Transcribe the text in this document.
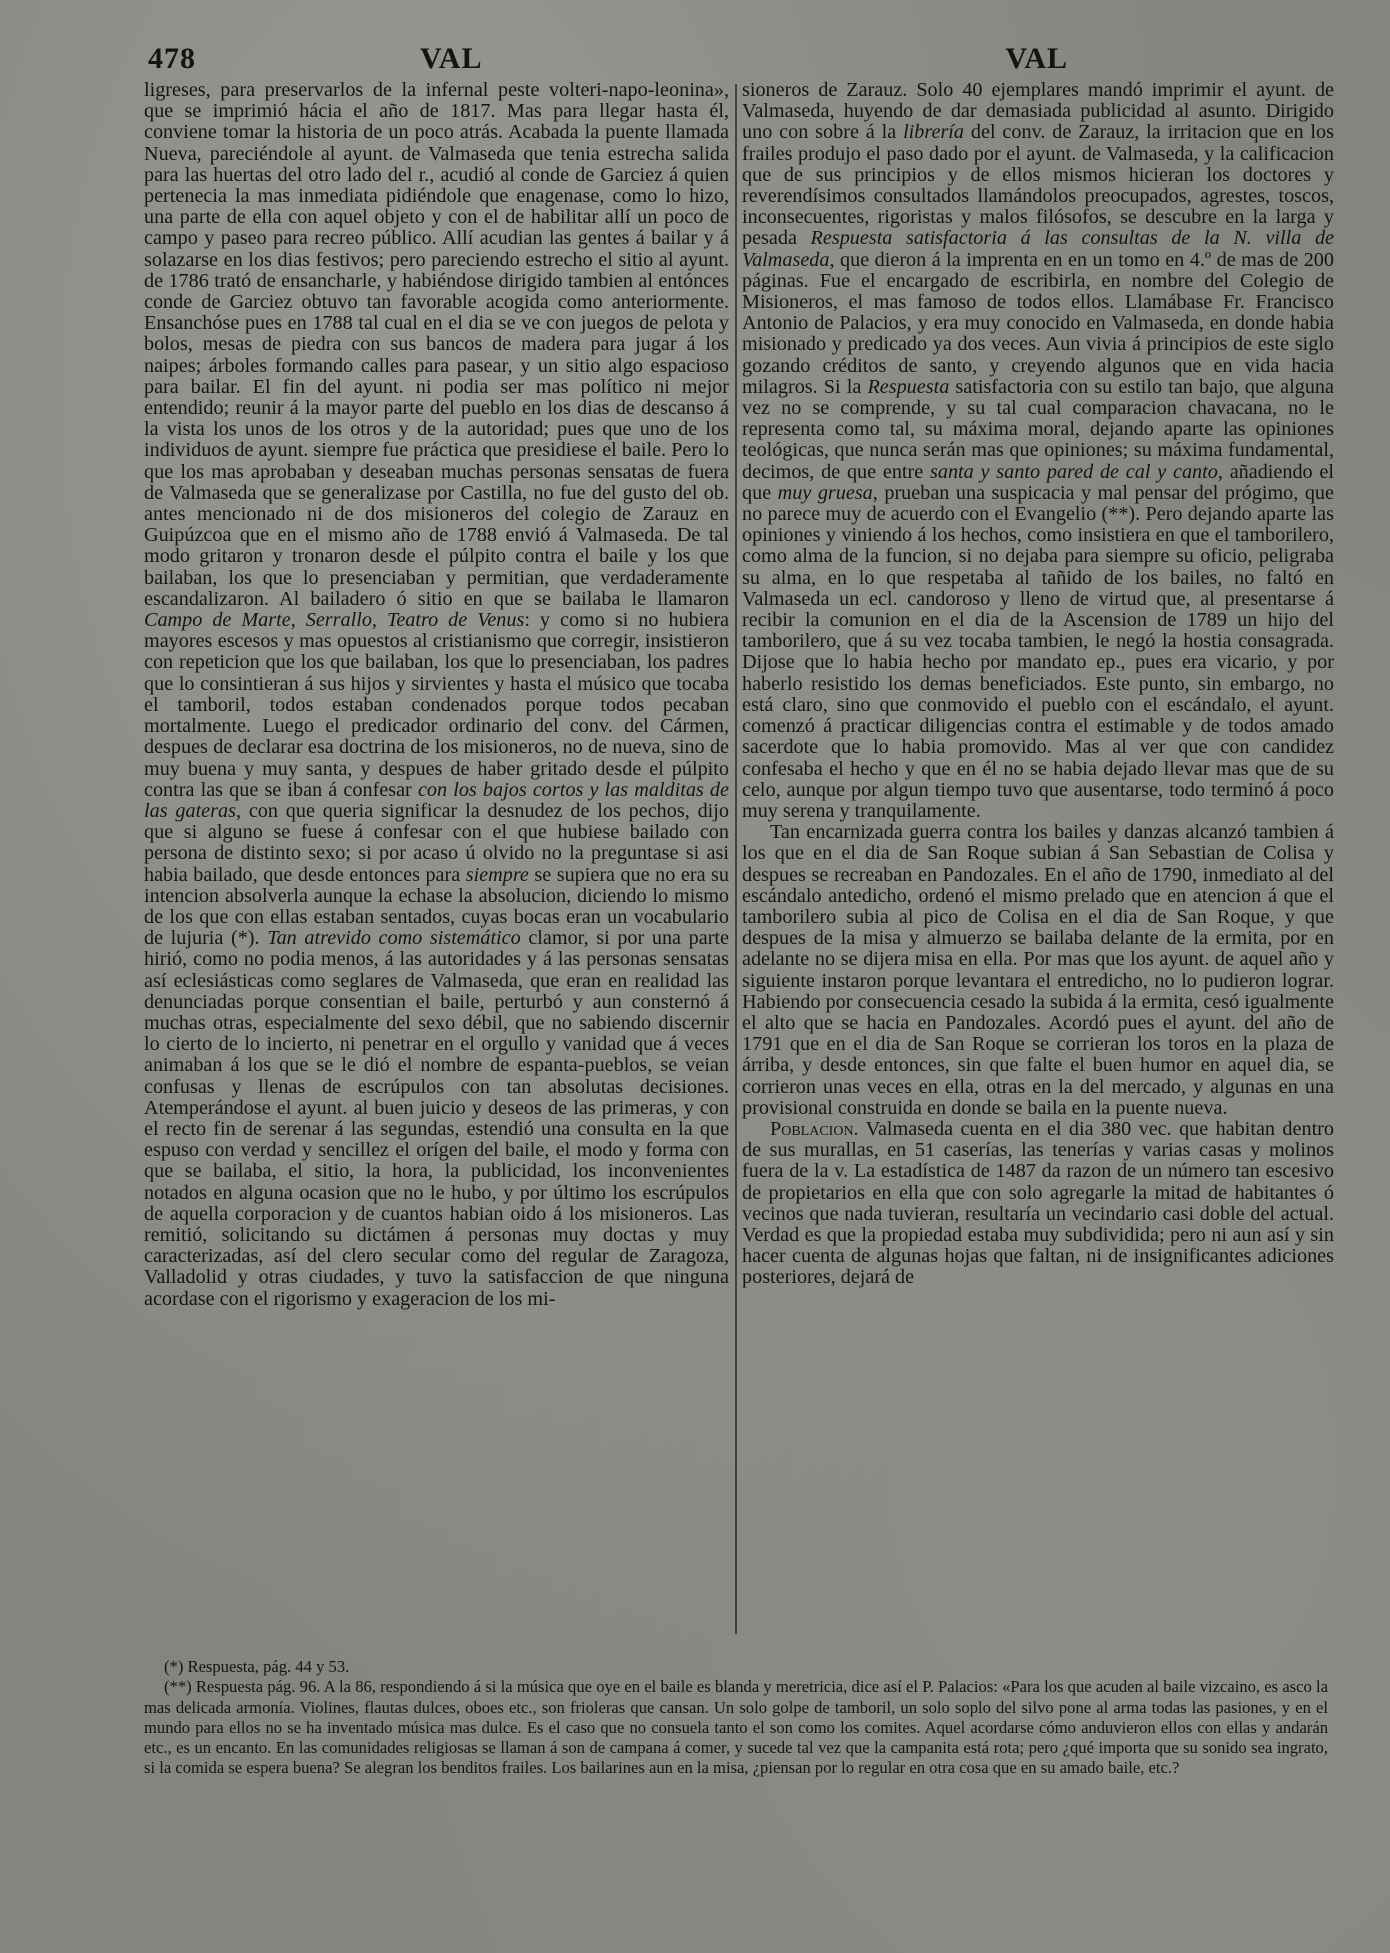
478	VAL	VAL

ligreses, para preservarlos de la infernal peste volteri-napo-leonina», que se imprimió hácia el año de 1817. Mas para llegar hasta él, conviene tomar la historia de un poco atrás. Acabada la puente llamada Nueva, pareciéndole al ayunt. de Valmaseda que tenia estrecha salida para las huertas del otro lado del r., acudió al conde de Garciez á quien pertenecia la mas inmediata pidiéndole que enagenase, como lo hizo, una parte de ella con aquel objeto y con el de habilitar allí un poco de campo y paseo para recreo público. Allí acudian las gentes á bailar y á solazarse en los dias festivos; pero pareciendo estrecho el sitio al ayunt. de 1786 trató de ensancharle, y habiéndose dirigido tambien al entónces conde de Garciez obtuvo tan favorable acogida como anteriormente. Ensanchóse pues en 1788 tal cual en el dia se ve con juegos de pelota y bolos, mesas de piedra con sus bancos de madera para jugar á los naipes; árboles formando calles para pasear, y un sitio algo espacioso para bailar. El fin del ayunt. ni podia ser mas político ni mejor entendido; reunir á la mayor parte del pueblo en los dias de descanso á la vista los unos de los otros y de la autoridad; pues que uno de los individuos de ayunt. siempre fue práctica que presidiese el baile. Pero lo que los mas aprobaban y deseaban muchas personas sensatas de fuera de Valmaseda que se generalizase por Castilla, no fue del gusto del ob. antes mencionado ni de dos misioneros del colegio de Zarauz en Guipúzcoa que en el mismo año de 1788 envió á Valmaseda. De tal modo gritaron y tronaron desde el púlpito contra el baile y los que bailaban, los que lo presenciaban y permitian, que verdaderamente escandalizaron. Al bailadero ó sitio en que se bailaba le llamaron Campo de Marte, Serrallo, Teatro de Venus: y como si no hubiera mayores escesos y mas opuestos al cristianismo que corregir, insistieron con repeticion que los que bailaban, los que lo presenciaban, los padres que lo consintieran á sus hijos y sirvientes y hasta el músico que tocaba el tamboril, todos estaban condenados porque todos pecaban mortalmente. Luego el predicador ordinario del conv. del Cármen, despues de declarar esa doctrina de los misioneros, no de nueva, sino de muy buena y muy santa, y despues de haber gritado desde el púlpito contra las que se iban á confesar con los bajos cortos y las malditas de las gateras, con que queria significar la desnudez de los pechos, dijo que si alguno se fuese á confesar con el que hubiese bailado con persona de distinto sexo; si por acaso ú olvido no la preguntase si asi habia bailado, que desde entonces para siempre se supiera que no era su intencion absolverla aunque la echase la absolucion, diciendo lo mismo de los que con ellas estaban sentados, cuyas bocas eran un vocabulario de lujuria (*). Tan atrevido como sistemático clamor, si por una parte hirió, como no podia menos, á las autoridades y á las personas sensatas así eclesiásticas como seglares de Valmaseda, que eran en realidad las denunciadas porque consentian el baile, perturbó y aun consternó á muchas otras, especialmente del sexo débil, que no sabiendo discernir lo cierto de lo incierto, ni penetrar en el orgullo y vanidad que á veces animaban á los que se le dió el nombre de espanta-pueblos, se veian confusas y llenas de escrúpulos con tan absolutas decisiones. Atemperándose el ayunt. al buen juicio y deseos de las primeras, y con el recto fin de serenar á las segundas, estendió una consulta en la que espuso con verdad y sencillez el orígen del baile, el modo y forma con que se bailaba, el sitio, la hora, la publicidad, los inconvenientes notados en alguna ocasion que no le hubo, y por último los escrúpulos de aquella corporacion y de cuantos habian oido á los misioneros. Las remitió, solicitando su dictámen á personas muy doctas y muy caracterizadas, así del clero secular como del regular de Zaragoza, Valladolid y otras ciudades, y tuvo la satisfaccion de que ninguna acordase con el rigorismo y exageracion de los mi-

sioneros de Zarauz. Solo 40 ejemplares mandó imprimir el ayunt. de Valmaseda, huyendo de dar demasiada publicidad al asunto. Dirigido uno con sobre á la librería del conv. de Zarauz, la irritacion que en los frailes produjo el paso dado por el ayunt. de Valmaseda, y la calificacion que de sus principios y de ellos mismos hicieran los doctores y reverendísimos consultados llamándolos preocupados, agrestes, toscos, inconsecuentes, rigoristas y malos filósofos, se descubre en la larga y pesada Respuesta satisfactoria á las consultas de la N. villa de Valmaseda, que dieron á la imprenta en en un tomo en 4.º de mas de 200 páginas. Fue el encargado de escribirla, en nombre del Colegio de Misioneros, el mas famoso de todos ellos. Llamábase Fr. Francisco Antonio de Palacios, y era muy conocido en Valmaseda, en donde habia misionado y predicado ya dos veces. Aun vivia á principios de este siglo gozando créditos de santo, y creyendo algunos que en vida hacia milagros. Si la Respuesta satisfactoria con su estilo tan bajo, que alguna vez no se comprende, y su tal cual comparacion chavacana, no le representa como tal, su máxima moral, dejando aparte las opiniones teológicas, que nunca serán mas que opiniones; su máxima fundamental, decimos, de que entre santa y santo pared de cal y canto, añadiendo el que muy gruesa, prueban una suspicacia y mal pensar del prógimo, que no parece muy de acuerdo con el Evangelio (**). Pero dejando aparte las opiniones y viniendo á los hechos, como insistiera en que el tamborilero, como alma de la funcion, si no dejaba para siempre su oficio, peligraba su alma, en lo que respetaba al tañido de los bailes, no faltó en Valmaseda un ecl. candoroso y lleno de virtud que, al presentarse á recibir la comunion en el dia de la Ascension de 1789 un hijo del tamborilero, que á su vez tocaba tambien, le negó la hostia consagrada. Dijose que lo habia hecho por mandato ep., pues era vicario, y por haberlo resistido los demas beneficiados. Este punto, sin embargo, no está claro, sino que conmovido el pueblo con el escándalo, el ayunt. comenzó á practicar diligencias contra el estimable y de todos amado sacerdote que lo habia promovido. Mas al ver que con candidez confesaba el hecho y que en él no se habia dejado llevar mas que de su celo, aunque por algun tiempo tuvo que ausentarse, todo terminó á poco muy serena y tranquilamente.

Tan encarnizada guerra contra los bailes y danzas alcanzó tambien á los que en el dia de San Roque subian á San Sebastian de Colisa y despues se recreaban en Pandozales. En el año de 1790, inmediato al del escándalo antedicho, ordenó el mismo prelado que en atencion á que el tamborilero subia al pico de Colisa en el dia de San Roque, y que despues de la misa y almuerzo se bailaba delante de la ermita, por en adelante no se dijera misa en ella. Por mas que los ayunt. de aquel año y siguiente instaron porque levantara el entredicho, no lo pudieron lograr. Habiendo por consecuencia cesado la subida á la ermita, cesó igualmente el alto que se hacia en Pandozales. Acordó pues el ayunt. del año de 1791 que en el dia de San Roque se corrieran los toros en la plaza de árriba, y desde entonces, sin que falte el buen humor en aquel dia, se corrieron unas veces en ella, otras en la del mercado, y algunas en una provisional construida en donde se baila en la puente nueva.

Poblacion. Valmaseda cuenta en el dia 380 vec. que habitan dentro de sus murallas, en 51 caserías, las tenerías y varias casas y molinos fuera de la v. La estadística de 1487 da razon de un número tan escesivo de propietarios en ella que con solo agregarle la mitad de habitantes ó vecinos que nada tuvieran, resultaría un vecindario casi doble del actual. Verdad es que la propiedad estaba muy subdividida; pero ni aun así y sin hacer cuenta de algunas hojas que faltan, ni de insignificantes adiciones posteriores, dejará de

(*) Respuesta, pág. 44 y 53.

(**) Respuesta pág. 96. A la 86, respondiendo á si la música que oye en el baile es blanda y meretricia, dice así el P. Palacios: «Para los que acuden al baile vizcaino, es asco la mas delicada armonía. Violines, flautas dulces, oboes etc., son frioleras que cansan. Un solo golpe de tamboril, un solo soplo del silvo pone al arma todas las pasiones, y en el mundo para ellos no se ha inventado música mas dulce. Es el caso que no consuela tanto el son como los comites. Aquel acordarse cómo anduvieron ellos con ellas y andarán etc., es un encanto. En las comunidades religiosas se llaman á son de campana á comer, y sucede tal vez que la campanita está rota; pero ¿qué importa que su sonido sea ingrato, si la comida se espera buena? Se alegran los benditos frailes. Los bailarines aun en la misa, ¿piensan por lo regular en otra cosa que en su amado baile, etc.?
